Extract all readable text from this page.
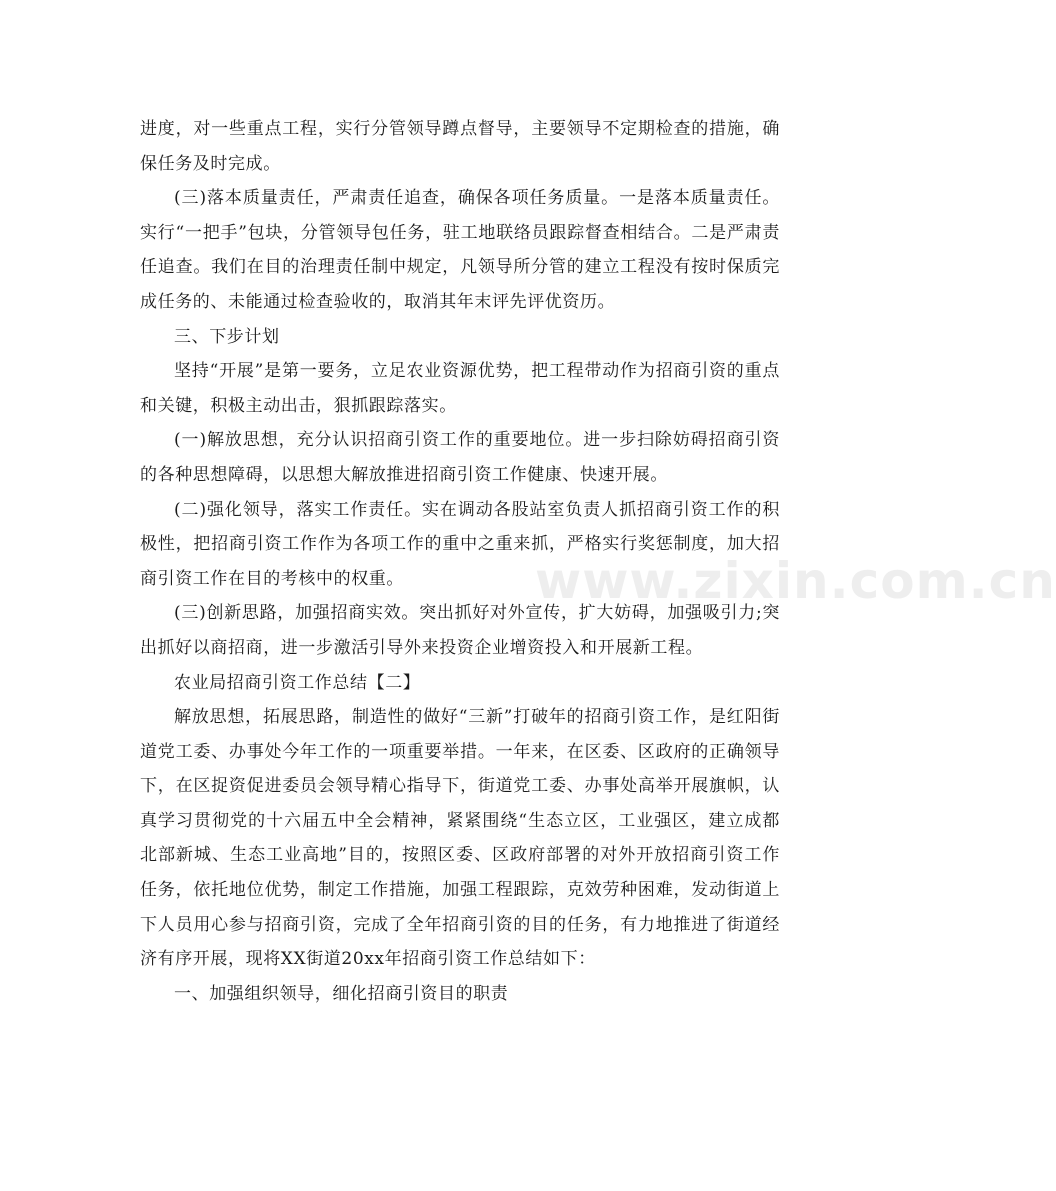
进度，对一些重点工程，实行分管领导蹲点督导，主要领导不定期检查的措施，确保任务及时完成。

(三)落本质量责任，严肃责任追查，确保各项任务质量。一是落本质量责任。实行“一把手”包块，分管领导包任务，驻工地联络员跟踪督查相结合。二是严肃责任追查。我们在目的治理责任制中规定，凡领导所分管的建立工程没有按时保质完成任务的、未能通过检查验收的，取消其年末评先评优资历。

三、下步计划

坚持“开展”是第一要务，立足农业资源优势，把工程带动作为招商引资的重点和关键，积极主动出击，狠抓跟踪落实。

(一)解放思想，充分认识招商引资工作的重要地位。进一步扫除妨碍招商引资的各种思想障碍，以思想大解放推进招商引资工作健康、快速开展。

(二)强化领导，落实工作责任。实在调动各股站室负责人抓招商引资工作的积极性，把招商引资工作作为各项工作的重中之重来抓，严格实行奖惩制度，加大招商引资工作在目的考核中的权重。

(三)创新思路，加强招商实效。突出抓好对外宣传，扩大妨碍，加强吸引力;突出抓好以商招商，进一步激活引导外来投资企业增资投入和开展新工程。

农业局招商引资工作总结【二】

解放思想，拓展思路，制造性的做好“三新”打破年的招商引资工作，是红阳街道党工委、办事处今年工作的一项重要举措。一年来，在区委、区政府的正确领导下，在区捉资促进委员会领导精心指导下，街道党工委、办事处高举开展旗帜，认真学习贯彻党的十六届五中全会精神，紧紧围绕“生态立区，工业强区，建立成都北部新城、生态工业高地”目的，按照区委、区政府部署的对外开放招商引资工作任务，依托地位优势，制定工作措施，加强工程跟踪，克效劳种困难，发动街道上下人员用心参与招商引资，完成了全年招商引资的目的任务，有力地推进了街道经济有序开展，现将XX街道20xx年招商引资工作总结如下：

一、加强组织领导，细化招商引资目的职责

www.zixin.com.cn
